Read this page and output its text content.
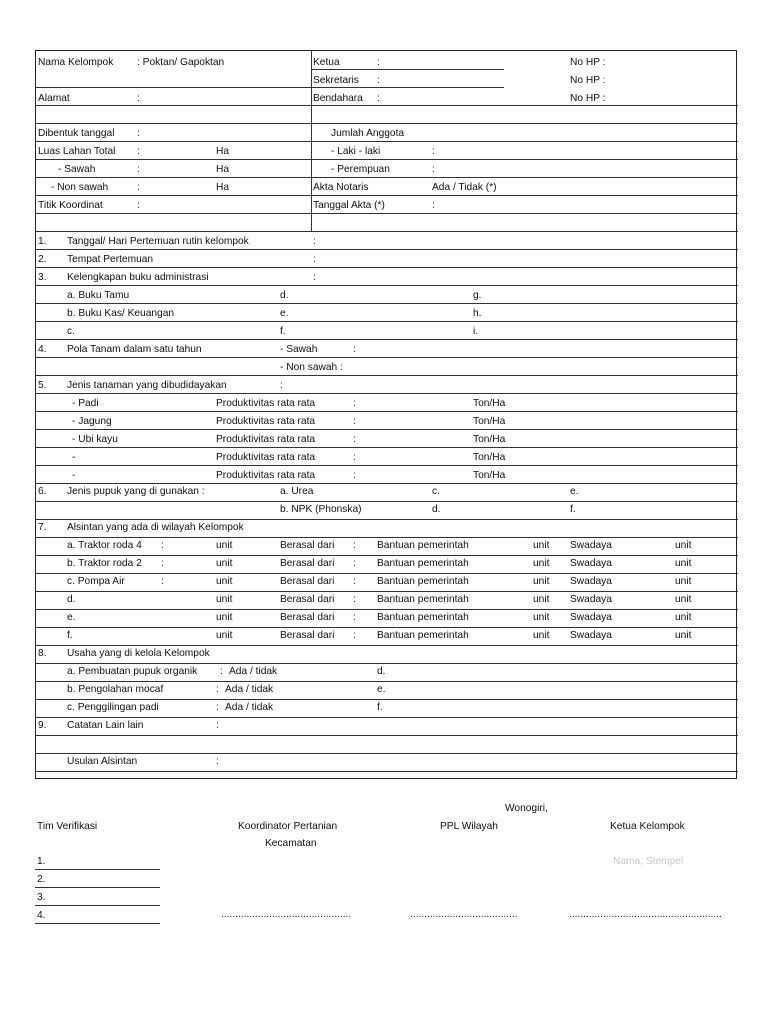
Nama Kelompok : Poktan/ Gapoktan	Ketua	:	No HP :
Sekretaris :	No HP :
Alamat	:	Bendahara :	No HP :
Dibentuk tanggal :	Jumlah Anggota
Luas Lahan Total :	Ha	- Laki - laki	:
- Sawah	:	Ha	- Perempuan	:
- Non sawah	:	Ha	Akta Notaris	Ada / Tidak (*)
Titik Koordinat	:	Tanggal Akta (*)	:
1. Tanggal/ Hari Pertemuan rutin kelompok	:
2. Tempat Pertemuan	:
3. Kelengkapan buku administrasi	:
a. Buku Tamu	d.	g.
b. Buku Kas/ Keuangan	e.	h.
c.	f.	i.
4. Pola Tanam dalam satu tahun	- Sawah	:
- Non sawah :
5. Jenis tanaman yang dibudidayakan	:
- Padi	Produktivitas rata rata	:	Ton/Ha
- Jagung	Produktivitas rata rata	:	Ton/Ha
- Ubi kayu	Produktivitas rata rata	:	Ton/Ha
-	Produktivitas rata rata	:	Ton/Ha
-	Produktivitas rata rata	:	Ton/Ha
6. Jenis pupuk yang di gunakan :	a. Urea	c.	e.
b. NPK (Phonska)	d.	f.
7. Alsintan yang ada di wilayah Kelompok
a. Traktor roda 4 :	unit	Berasal dari : Bantuan pemerintah	unit Swadaya	unit
b. Traktor roda 2 :	unit	Berasal dari : Bantuan pemerintah	unit Swadaya	unit
c. Pompa Air	:	unit	Berasal dari : Bantuan pemerintah	unit Swadaya	unit
d.	unit	Berasal dari : Bantuan pemerintah	unit Swadaya	unit
e.	unit	Berasal dari : Bantuan pemerintah	unit Swadaya	unit
f.	unit	Berasal dari : Bantuan pemerintah	unit Swadaya	unit
8. Usaha yang di kelola Kelompok
a. Pembuatan pupuk organik : Ada / tidak	d.
b. Pengolahan mocaf	: Ada / tidak	e.
c. Penggilingan padi	: Ada / tidak	f.
9. Catatan Lain lain	:
Usulan Alsintan	:
Wonogiri,
Tim Verifikasi	Koordinator Pertanian
Kecamatan
PPL Wilayah	Ketua Kelompok
Nama, Stempel
1.
2.
3.
4.	..............................................	......................................	......................................................
